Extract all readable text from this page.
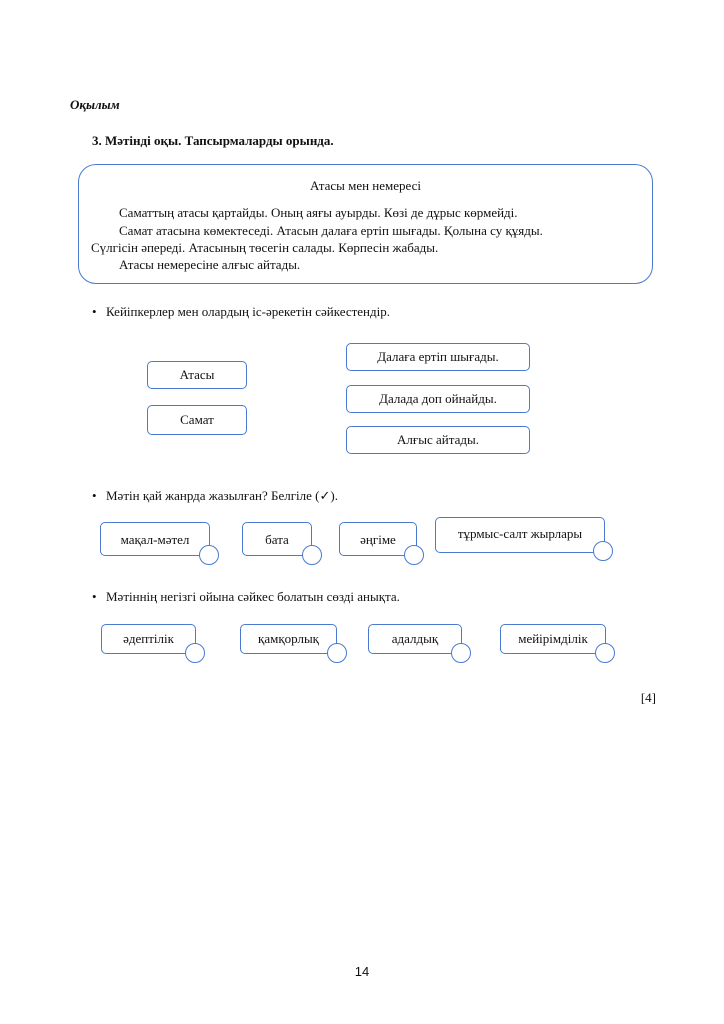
Оқылым
3. Мәтінді оқы. Тапсырмаларды орында.
Атасы мен немересі
Саматтың атасы қартайды. Оның аяғы ауырды. Көзі де дұрыс көрмейді.
Самат атасына көмектеседі. Атасын далаға ертіп шығады. Қолына су құяды.
Сүлгісін әпереді. Атасының төсегін салады. Көрпесін жабады.
Атасы немересіне алғыс айтады.
• Кейіпкерлер мен олардың іс-әрекетін сәйкестендір.
Атасы
Самат
Далаға ертіп шығады.
Далада доп ойнайды.
Алғыс айтады.
• Мәтін қай жанрда жазылған? Белгіле (✓).
мақал-мәтел	бата	әңгіме	тұрмыс-салт жырлары
• Мәтіннің негізгі ойына сәйкес болатын сөзді анықта.
әдептілік	қамқорлық	адалдық	мейірімділік
[4]
14
